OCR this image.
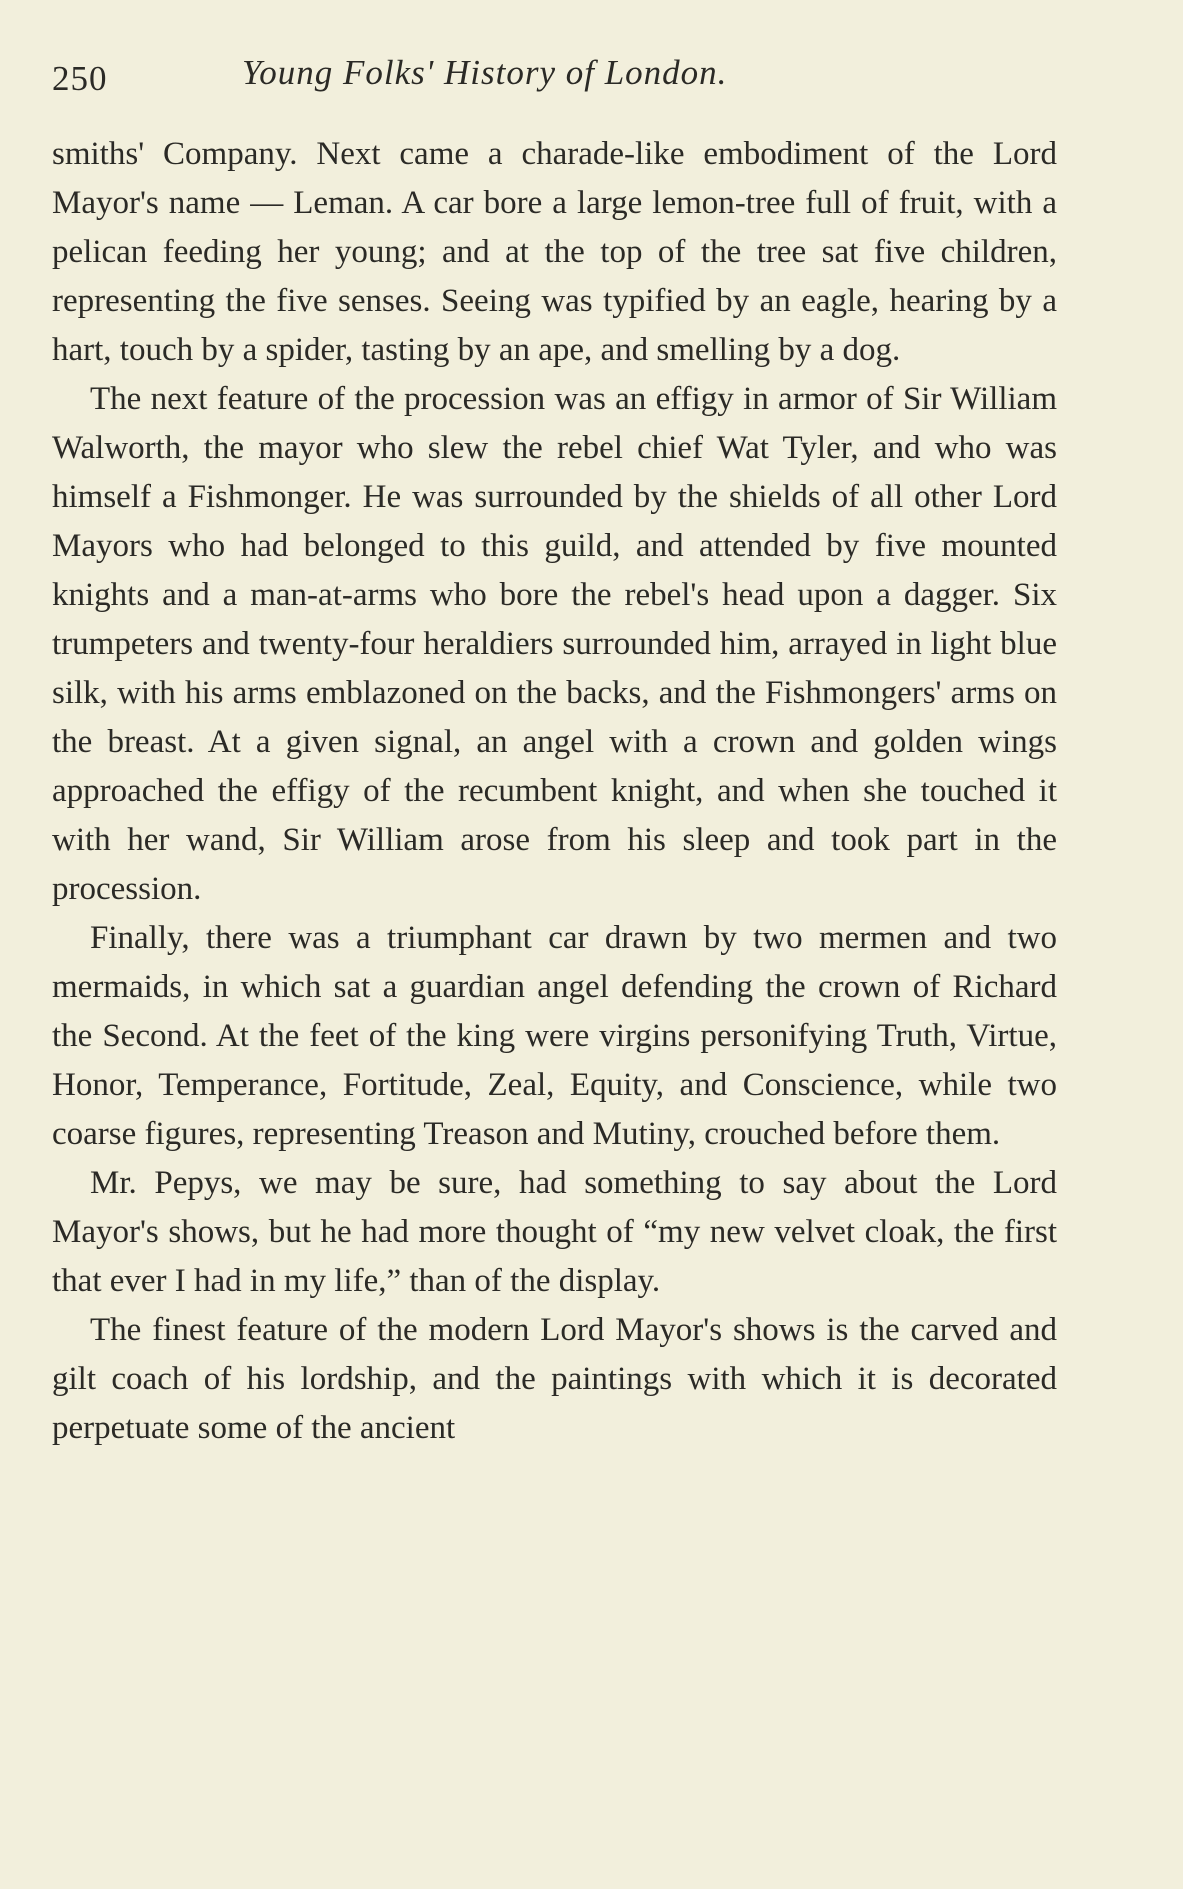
250	Young Folks' History of London.

smiths' Company. Next came a charade-like embodiment of the Lord Mayor's name — Leman. A car bore a large lemon-tree full of fruit, with a pelican feeding her young; and at the top of the tree sat five children, representing the five senses. Seeing was typified by an eagle, hearing by a hart, touch by a spider, tasting by an ape, and smelling by a dog.

The next feature of the procession was an effigy in armor of Sir William Walworth, the mayor who slew the rebel chief Wat Tyler, and who was himself a Fishmonger. He was surrounded by the shields of all other Lord Mayors who had belonged to this guild, and attended by five mounted knights and a man-at-arms who bore the rebel's head upon a dagger. Six trumpeters and twenty-four heraldiers surrounded him, arrayed in light blue silk, with his arms emblazoned on the backs, and the Fishmongers' arms on the breast. At a given signal, an angel with a crown and golden wings approached the effigy of the recumbent knight, and when she touched it with her wand, Sir William arose from his sleep and took part in the procession.

Finally, there was a triumphant car drawn by two mermen and two mermaids, in which sat a guardian angel defending the crown of Richard the Second. At the feet of the king were virgins personifying Truth, Virtue, Honor, Temperance, Fortitude, Zeal, Equity, and Conscience, while two coarse figures, representing Treason and Mutiny, crouched before them.

Mr. Pepys, we may be sure, had something to say about the Lord Mayor's shows, but he had more thought of “my new velvet cloak, the first that ever I had in my life,” than of the display.

The finest feature of the modern Lord Mayor's shows is the carved and gilt coach of his lordship, and the paintings with which it is decorated perpetuate some of the ancient
